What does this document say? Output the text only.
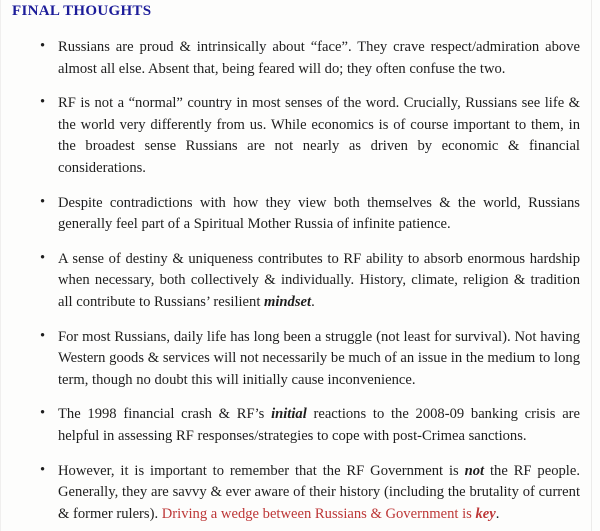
FINAL THOUGHTS
• Russians are proud & intrinsically about “face”. They crave respect/admiration above almost all else. Absent that, being feared will do; they often confuse the two.
• RF is not a “normal” country in most senses of the word. Crucially, Russians see life & the world very differently from us. While economics is of course important to them, in the broadest sense Russians are not nearly as driven by economic & financial considerations.
• Despite contradictions with how they view both themselves & the world, Russians generally feel part of a Spiritual Mother Russia of infinite patience.
• A sense of destiny & uniqueness contributes to RF ability to absorb enormous hardship when necessary, both collectively & individually. History, climate, religion & tradition all contribute to Russians’ resilient mindset.
• For most Russians, daily life has long been a struggle (not least for survival). Not having Western goods & services will not necessarily be much of an issue in the medium to long term, though no doubt this will initially cause inconvenience.
• The 1998 financial crash & RF’s initial reactions to the 2008-09 banking crisis are helpful in assessing RF responses/strategies to cope with post-Crimea sanctions.
• However, it is important to remember that the RF Government is not the RF people. Generally, they are savvy & ever aware of their history (including the brutality of current & former rulers). Driving a wedge between Russians & Government is key.
